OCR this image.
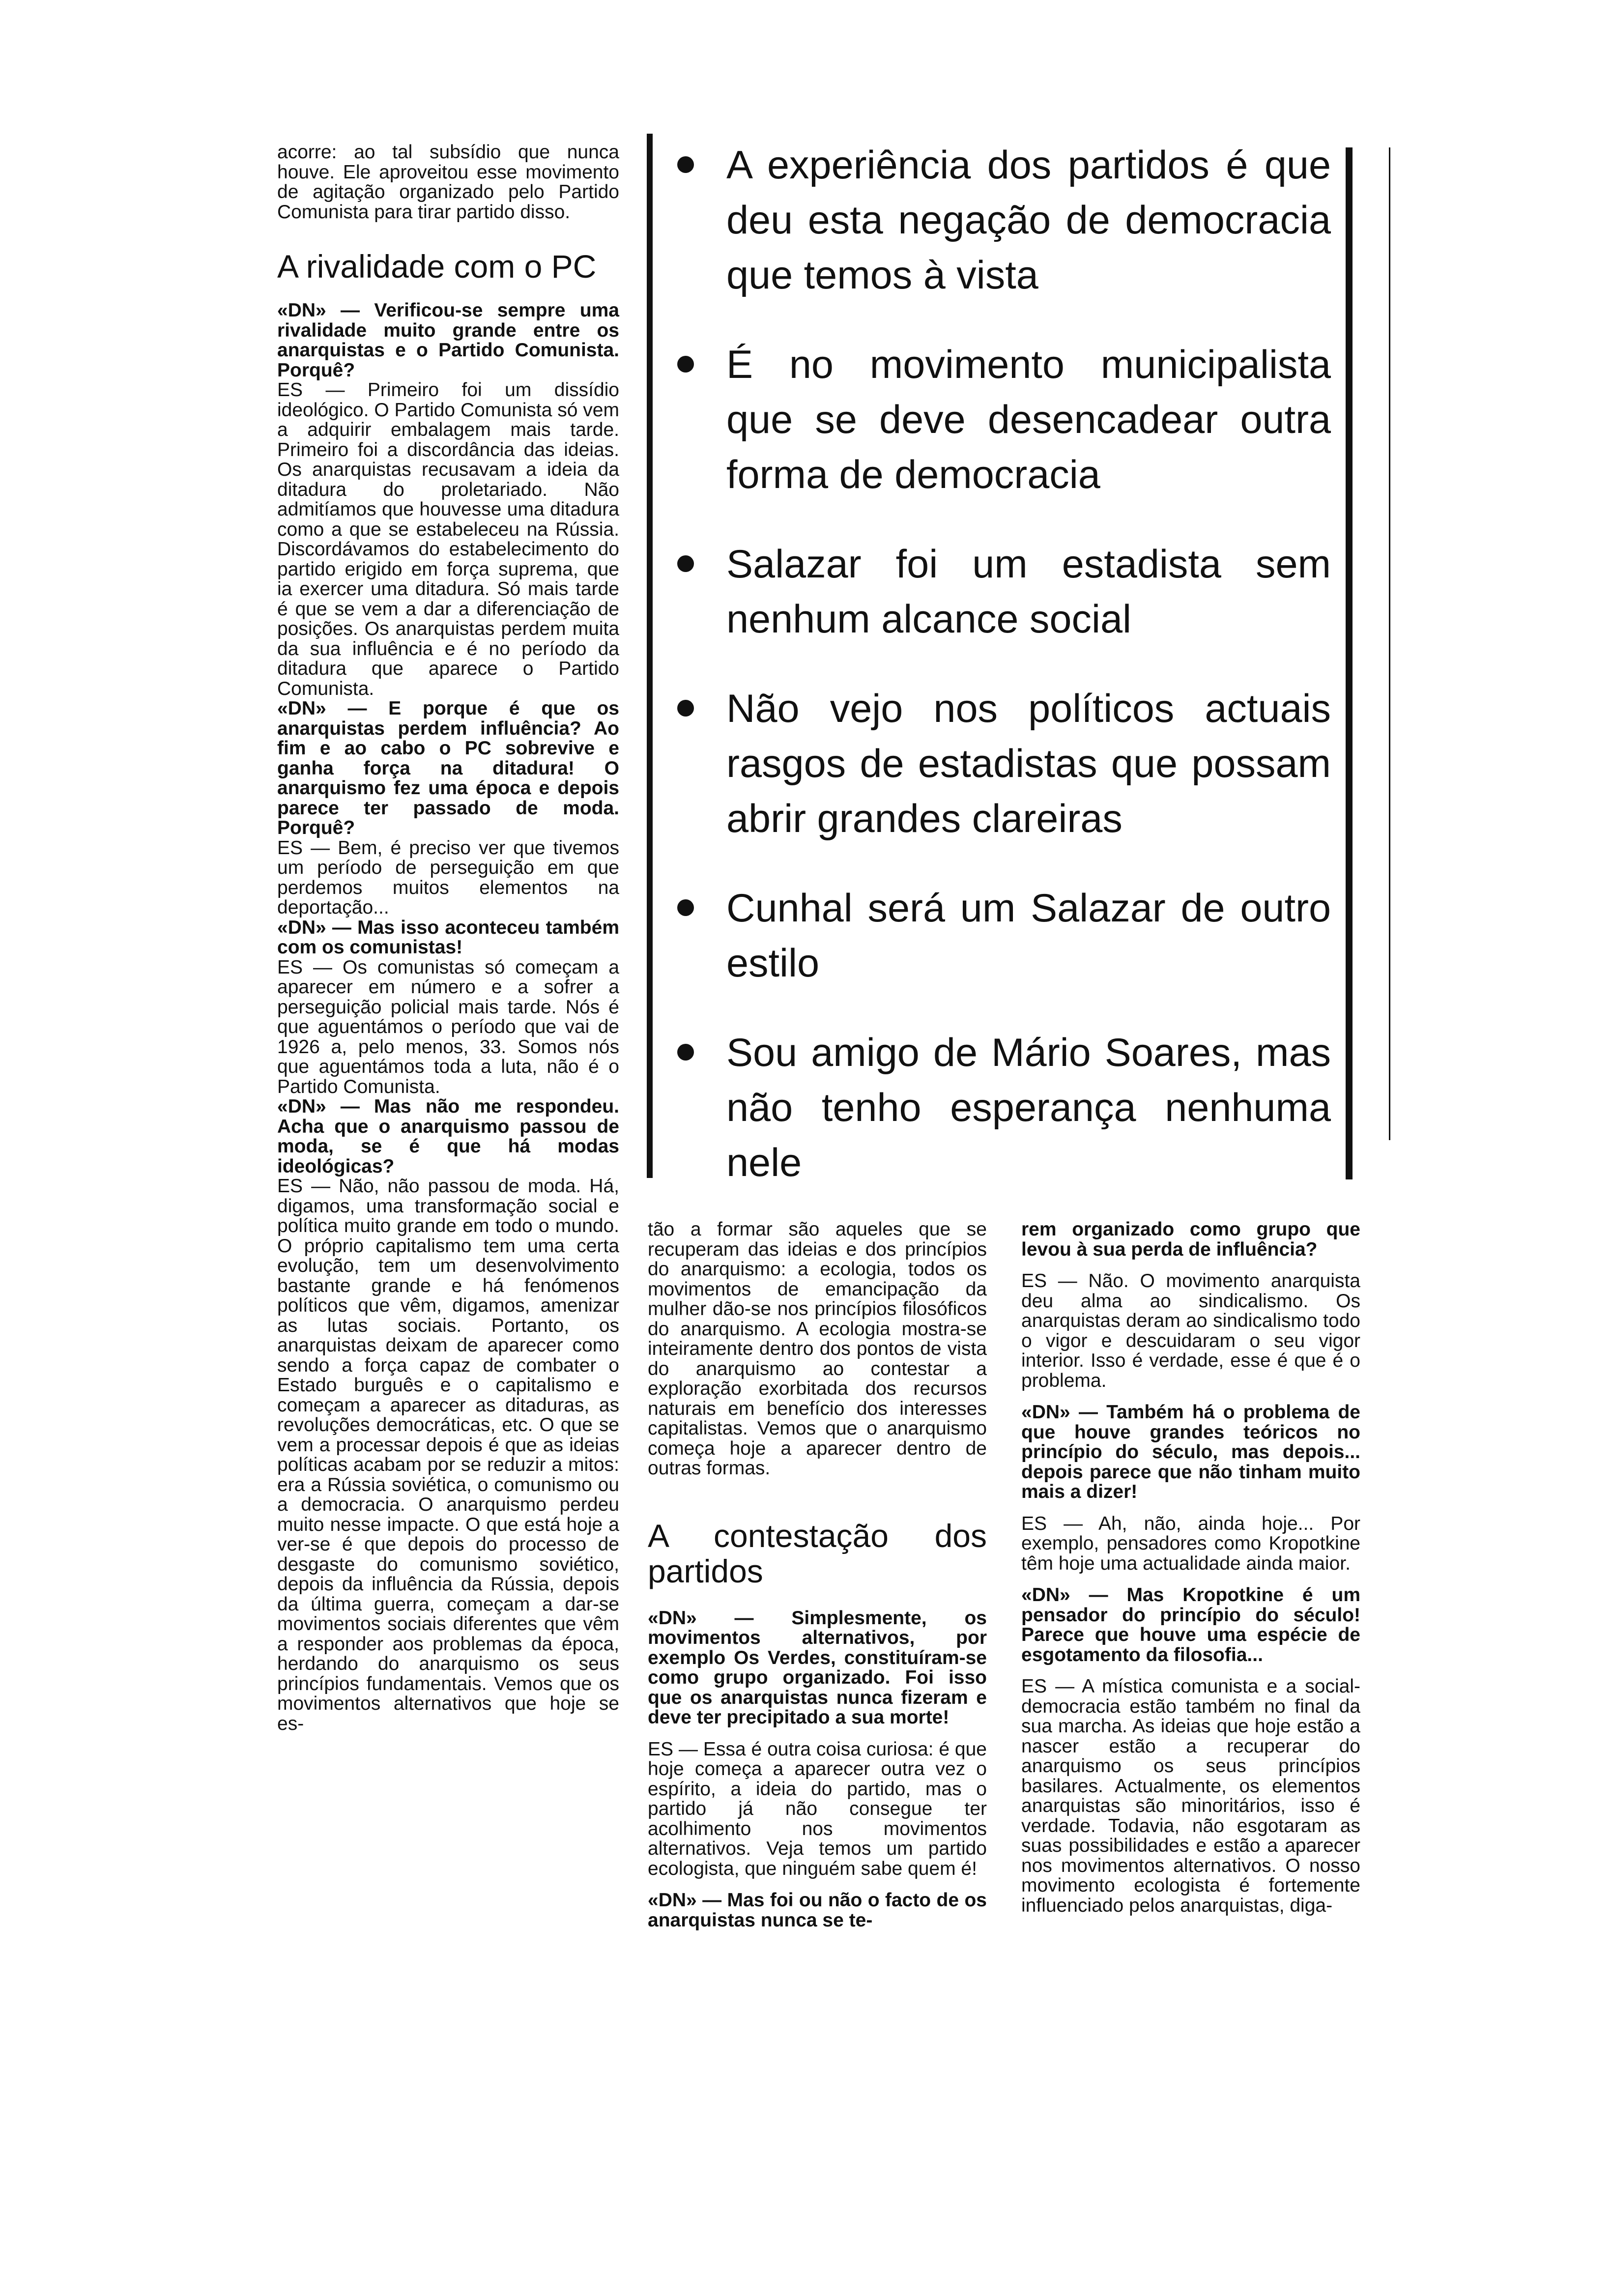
acorre: ao tal subsídio que nunca houve. Ele aproveitou esse movimento de agitação organizado pelo Partido Comunista para tirar partido disso.

A rivalidade com o PC

«DN» — Verificou-se sempre uma rivalidade muito grande entre os anarquistas e o Partido Comunista. Porquê?

ES — Primeiro foi um dissídio ideológico. O Partido Comunista só vem a adquirir embalagem mais tarde. Primeiro foi a discordância das ideias. Os anarquistas recusavam a ideia da ditadura do proletariado. Não admitíamos que houvesse uma ditadura como a que se estabeleceu na Rússia. Discordávamos do estabelecimento do partido erigido em força suprema, que ia exercer uma ditadura. Só mais tarde é que se vem a dar a diferenciação de posições. Os anarquistas perdem muita da sua influência e é no período da ditadura que aparece o Partido Comunista.

«DN» — E porque é que os anarquistas perdem influência? Ao fim e ao cabo o PC sobrevive e ganha força na ditadura! O anarquismo fez uma época e depois parece ter passado de moda. Porquê?

ES — Bem, é preciso ver que tivemos um período de perseguição em que perdemos muitos elementos na deportação...

«DN» — Mas isso aconteceu também com os comunistas!

ES — Os comunistas só começam a aparecer em número e a sofrer a perseguição policial mais tarde. Nós é que aguentámos o período que vai de 1926 a, pelo menos, 33. Somos nós que aguentámos toda a luta, não é o Partido Comunista.

«DN» — Mas não me respondeu. Acha que o anarquismo passou de moda, se é que há modas ideológicas?

ES — Não, não passou de moda. Há, digamos, uma transformação social e política muito grande em todo o mundo. O próprio capitalismo tem uma certa evolução, tem um desenvolvimento bastante grande e há fenómenos políticos que vêm, digamos, amenizar as lutas sociais. Portanto, os anarquistas deixam de aparecer como sendo a força capaz de combater o Estado burguês e o capitalismo e começam a aparecer as ditaduras, as revoluções democráticas, etc. O que se vem a processar depois é que as ideias políticas acabam por se reduzir a mitos: era a Rússia soviética, o comunismo ou a democracia. O anarquismo perdeu muito nesse impacte. O que está hoje a ver-se é que depois do processo de desgaste do comunismo soviético, depois da influência da Rússia, depois da última guerra, começam a dar-se movimentos sociais diferentes que vêm a responder aos problemas da época, herdando do anarquismo os seus princípios fundamentais. Vemos que os movimentos alternativos que hoje se es-

A experiência dos partidos é que deu esta negação de democracia que temos à vista
É no movimento municipalista que se deve desencadear outra forma de democracia
Salazar foi um estadista sem nenhum alcance social
Não vejo nos políticos actuais rasgos de estadistas que possam abrir grandes clareiras
Cunhal será um Salazar de outro estilo
Sou amigo de Mário Soares, mas não tenho esperança nenhuma nele

tão a formar são aqueles que se recuperam das ideias e dos princípios do anarquismo: a ecologia, todos os movimentos de emancipação da mulher dão-se nos princípios filosóficos do anarquismo. A ecologia mostra-se inteiramente dentro dos pontos de vista do anarquismo ao contestar a exploração exorbitada dos recursos naturais em benefício dos interesses capitalistas. Vemos que o anarquismo começa hoje a aparecer dentro de outras formas.

A contestação dos partidos

«DN» — Simplesmente, os movimentos alternativos, por exemplo Os Verdes, constituíram-se como grupo organizado. Foi isso que os anarquistas nunca fizeram e deve ter precipitado a sua morte!

ES — Essa é outra coisa curiosa: é que hoje começa a aparecer outra vez o espírito, a ideia do partido, mas o partido já não consegue ter acolhimento nos movimentos alternativos. Veja temos um partido ecologista, que ninguém sabe quem é!

«DN» — Mas foi ou não o facto de os anarquistas nunca se te-

rem organizado como grupo que levou à sua perda de influência?

ES — Não. O movimento anarquista deu alma ao sindicalismo. Os anarquistas deram ao sindicalismo todo o vigor e descuidaram o seu vigor interior. Isso é verdade, esse é que é o problema.

«DN» — Também há o problema de que houve grandes teóricos no princípio do século, mas depois... depois parece que não tinham muito mais a dizer!

ES — Ah, não, ainda hoje... Por exemplo, pensadores como Kropotkine têm hoje uma actualidade ainda maior.

«DN» — Mas Kropotkine é um pensador do princípio do século! Parece que houve uma espécie de esgotamento da filosofia...

ES — A mística comunista e a social-democracia estão também no final da sua marcha. As ideias que hoje estão a nascer estão a recuperar do anarquismo os seus princípios basilares. Actualmente, os elementos anarquistas são minoritários, isso é verdade. Todavia, não esgotaram as suas possibilidades e estão a aparecer nos movimentos alternativos. O nosso movimento ecologista é fortemente influenciado pelos anarquistas, diga-
